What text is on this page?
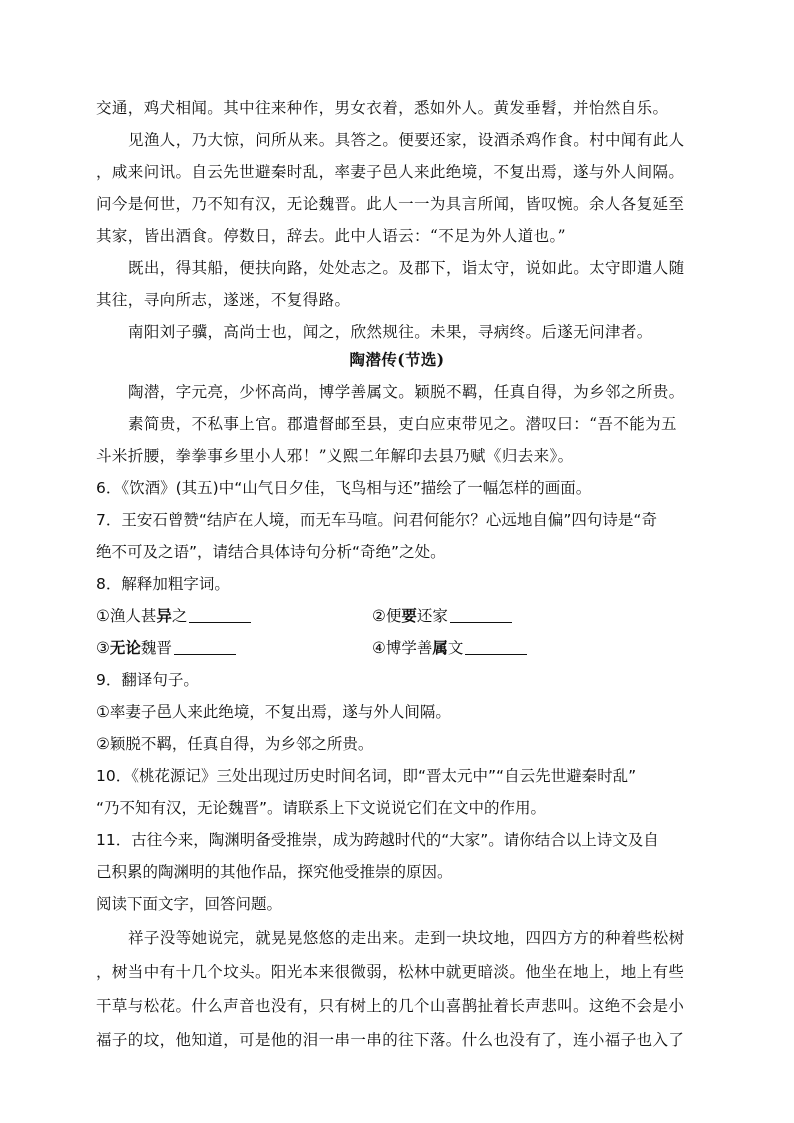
交通，鸡犬相闻。其中往来种作，男女衣着，悉如外人。黄发垂髫，并怡然自乐。
见渔人，乃大惊，问所从来。具答之。便要还家，设酒杀鸡作食。村中闻有此人
，咸来问讯。自云先世避秦时乱，率妻子邑人来此绝境，不复出焉，遂与外人间隔。
问今是何世，乃不知有汉，无论魏晋。此人一一为具言所闻，皆叹惋。余人各复延至
其家，皆出酒食。停数日，辞去。此中人语云：“不足为外人道也。”
既出，得其船，便扶向路，处处志之。及郡下，诣太守，说如此。太守即遣人随
其往，寻向所志，遂迷，不复得路。
南阳刘子骥，高尚士也，闻之，欣然规往。未果，寻病终。后遂无问津者。
陶潜传(节选)
陶潜，字元亮，少怀高尚，博学善属文。颖脱不羁，任真自得，为乡邻之所贵。
素简贵，不私事上官。郡遣督邮至县，吏白应束带见之。潜叹曰：“吾不能为五
斗米折腰，拳拳事乡里小人邪！”义熙二年解印去县乃赋《归去来》。
6．《饮酒》(其五)中“山气日夕佳，飞鸟相与还”描绘了一幅怎样的画面。
7．王安石曾赞“结庐在人境，而无车马喧。问君何能尔？心远地自偏”四句诗是“奇
绝不可及之语”，请结合具体诗句分析“奇绝”之处。
8．解释加粗字词。
①渔人甚异之	②便要还家
③无论魏晋	④博学善属文
9．翻译句子。
①率妻子邑人来此绝境，不复出焉，遂与外人间隔。
②颖脱不羁，任真自得，为乡邻之所贵。
10．《桃花源记》三处出现过历史时间名词，即“晋太元中”“自云先世避秦时乱”
“乃不知有汉，无论魏晋”。请联系上下文说说它们在文中的作用。
11．古往今来，陶渊明备受推崇，成为跨越时代的“大家”。请你结合以上诗文及自
己积累的陶渊明的其他作品，探究他受推崇的原因。
阅读下面文字，回答问题。
祥子没等她说完，就晃晃悠悠的走出来。走到一块坟地，四四方方的种着些松树
，树当中有十几个坟头。阳光本来很微弱，松林中就更暗淡。他坐在地上，地上有些
干草与松花。什么声音也没有，只有树上的几个山喜鹊扯着长声悲叫。这绝不会是小
福子的坟，他知道，可是他的泪一串一串的往下落。什么也没有了，连小福子也入了
